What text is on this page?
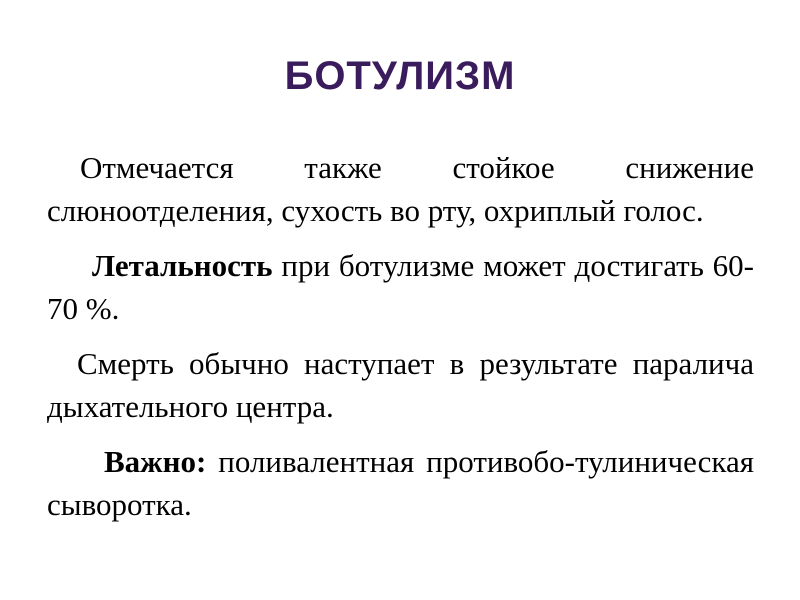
БОТУЛИЗМ

Отмечается также стойкое снижение слюноотделения, сухость во рту, охриплый голос.

Летальность при ботулизме может достигать 60-70 %.

Смерть обычно наступает в результате паралича дыхательного центра.

Важно: поливалентная противобо-тулиническая сыворотка.
